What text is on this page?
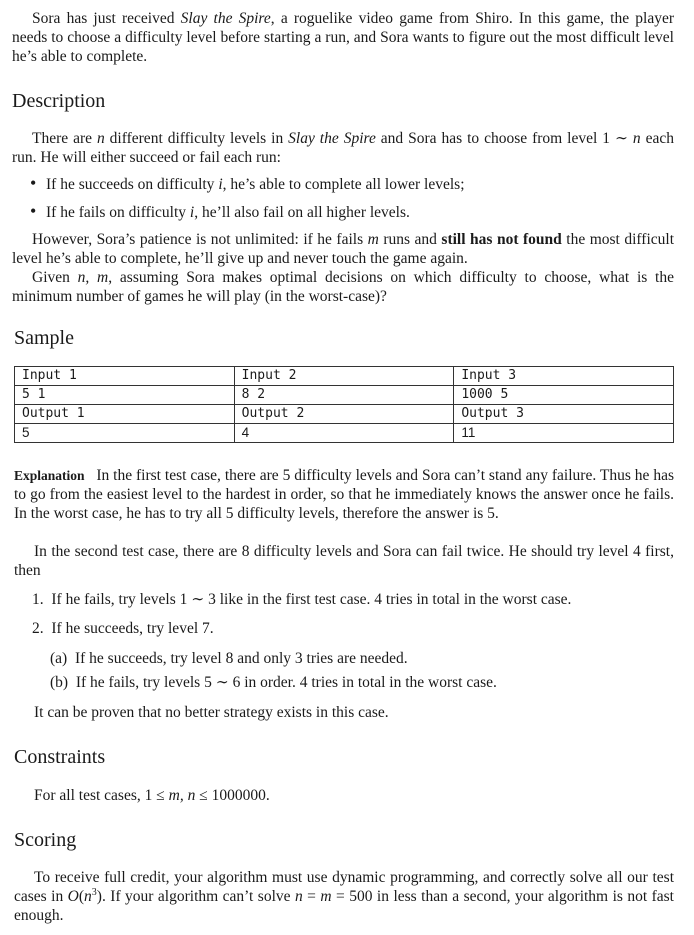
Sora has just received Slay the Spire, a roguelike video game from Shiro. In this game, the player needs to choose a difficulty level before starting a run, and Sora wants to figure out the most difficult level he’s able to complete.
Description
There are n different difficulty levels in Slay the Spire and Sora has to choose from level 1 ∼ n each run. He will either succeed or fail each run:
• If he succeeds on difficulty i, he’s able to complete all lower levels;
• If he fails on difficulty i, he’ll also fail on all higher levels.
However, Sora’s patience is not unlimited: if he fails m runs and still has not found the most difficult level he’s able to complete, he’ll give up and never touch the game again.
Given n, m, assuming Sora makes optimal decisions on which difficulty to choose, what is the minimum number of games he will play (in the worst-case)?
Sample
Input 1	Input 2	Input 3
5 1	8 2	1000 5
Output 1	Output 2	Output 3
5	4	11
Explanation In the first test case, there are 5 difficulty levels and Sora can’t stand any failure. Thus he has to go from the easiest level to the hardest in order, so that he immediately knows the answer once he fails. In the worst case, he has to try all 5 difficulty levels, therefore the answer is 5.
In the second test case, there are 8 difficulty levels and Sora can fail twice. He should try level 4 first, then
1. If he fails, try levels 1 ∼ 3 like in the first test case. 4 tries in total in the worst case.
2. If he succeeds, try level 7.
(a) If he succeeds, try level 8 and only 3 tries are needed.
(b) If he fails, try levels 5 ∼ 6 in order. 4 tries in total in the worst case.
It can be proven that no better strategy exists in this case.
Constraints
For all test cases, 1 ≤ m, n ≤ 1000000.
Scoring
To receive full credit, your algorithm must use dynamic programming, and correctly solve all our test cases in $O(n^3)$. If your algorithm can’t solve n = m = 500 in less than a second, your algorithm is not fast enough.
